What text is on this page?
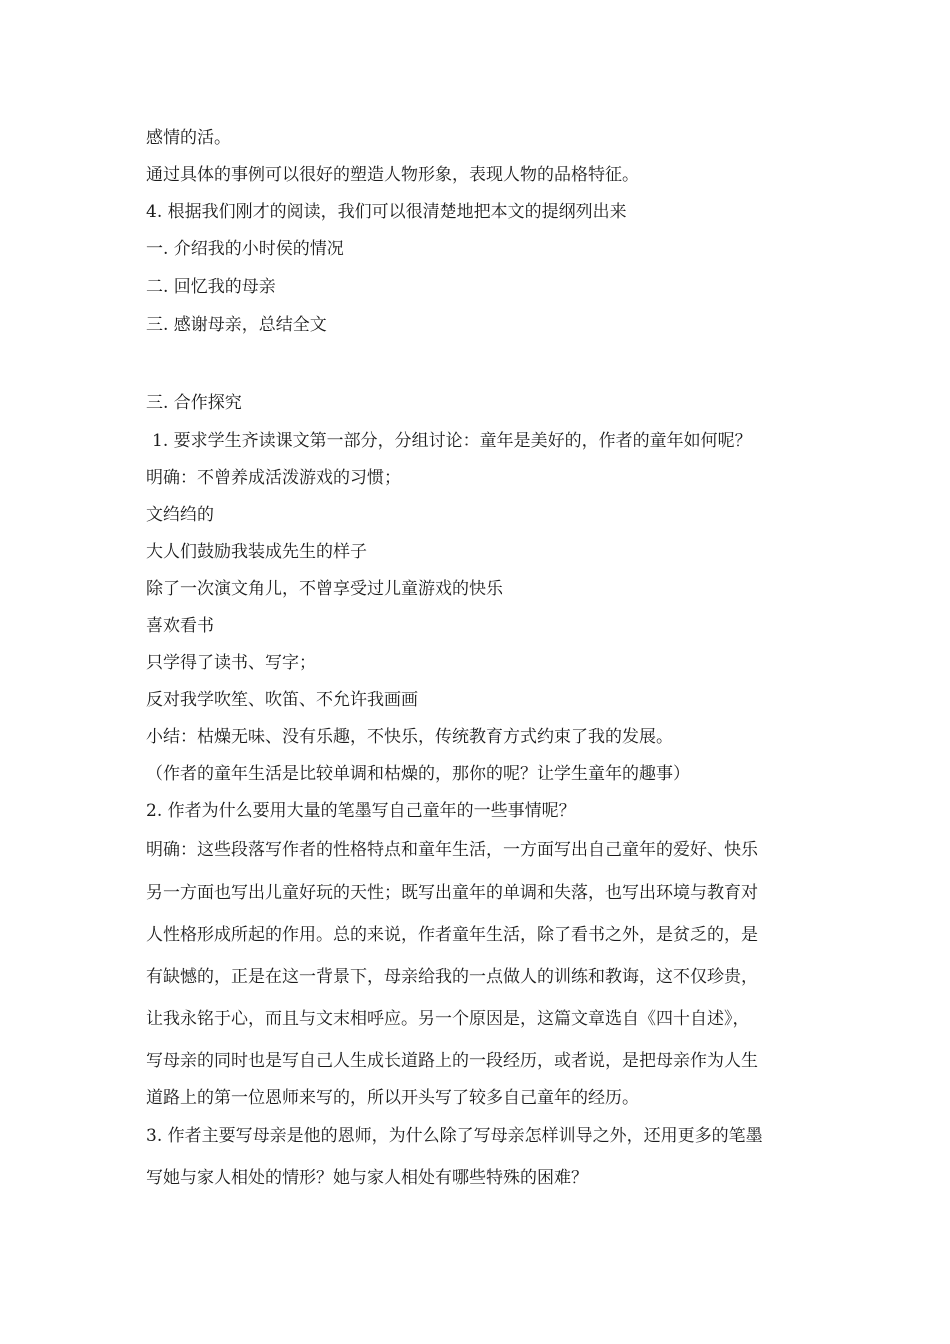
感情的活。
通过具体的事例可以很好的塑造人物形象，表现人物的品格特征。
4. 根据我们刚才的阅读，我们可以很清楚地把本文的提纲列出来
一. 介绍我的小时侯的情况
二. 回忆我的母亲
三. 感谢母亲，总结全文
三. 合作探究
1. 要求学生齐读课文第一部分，分组讨论：童年是美好的，作者的童年如何呢？
明确：不曾养成活泼游戏的习惯；
文绉绉的
大人们鼓励我装成先生的样子
除了一次演文角儿，不曾享受过儿童游戏的快乐
喜欢看书
只学得了读书、写字；
反对我学吹笙、吹笛、不允许我画画
小结：枯燥无味、没有乐趣，不快乐，传统教育方式约束了我的发展。
（作者的童年生活是比较单调和枯燥的，那你的呢？让学生童年的趣事）
2. 作者为什么要用大量的笔墨写自己童年的一些事情呢？
明确：这些段落写作者的性格特点和童年生活，一方面写出自己童年的爱好、快乐
另一方面也写出儿童好玩的天性；既写出童年的单调和失落，也写出环境与教育对
人性格形成所起的作用。总的来说，作者童年生活，除了看书之外，是贫乏的，是
有缺憾的，正是在这一背景下，母亲给我的一点做人的训练和教诲，这不仅珍贵，
让我永铭于心，而且与文末相呼应。另一个原因是，这篇文章选自《四十自述》，
写母亲的同时也是写自己人生成长道路上的一段经历，或者说，是把母亲作为人生
道路上的第一位恩师来写的，所以开头写了较多自己童年的经历。
3. 作者主要写母亲是他的恩师，为什么除了写母亲怎样训导之外，还用更多的笔墨
写她与家人相处的情形？她与家人相处有哪些特殊的困难？
